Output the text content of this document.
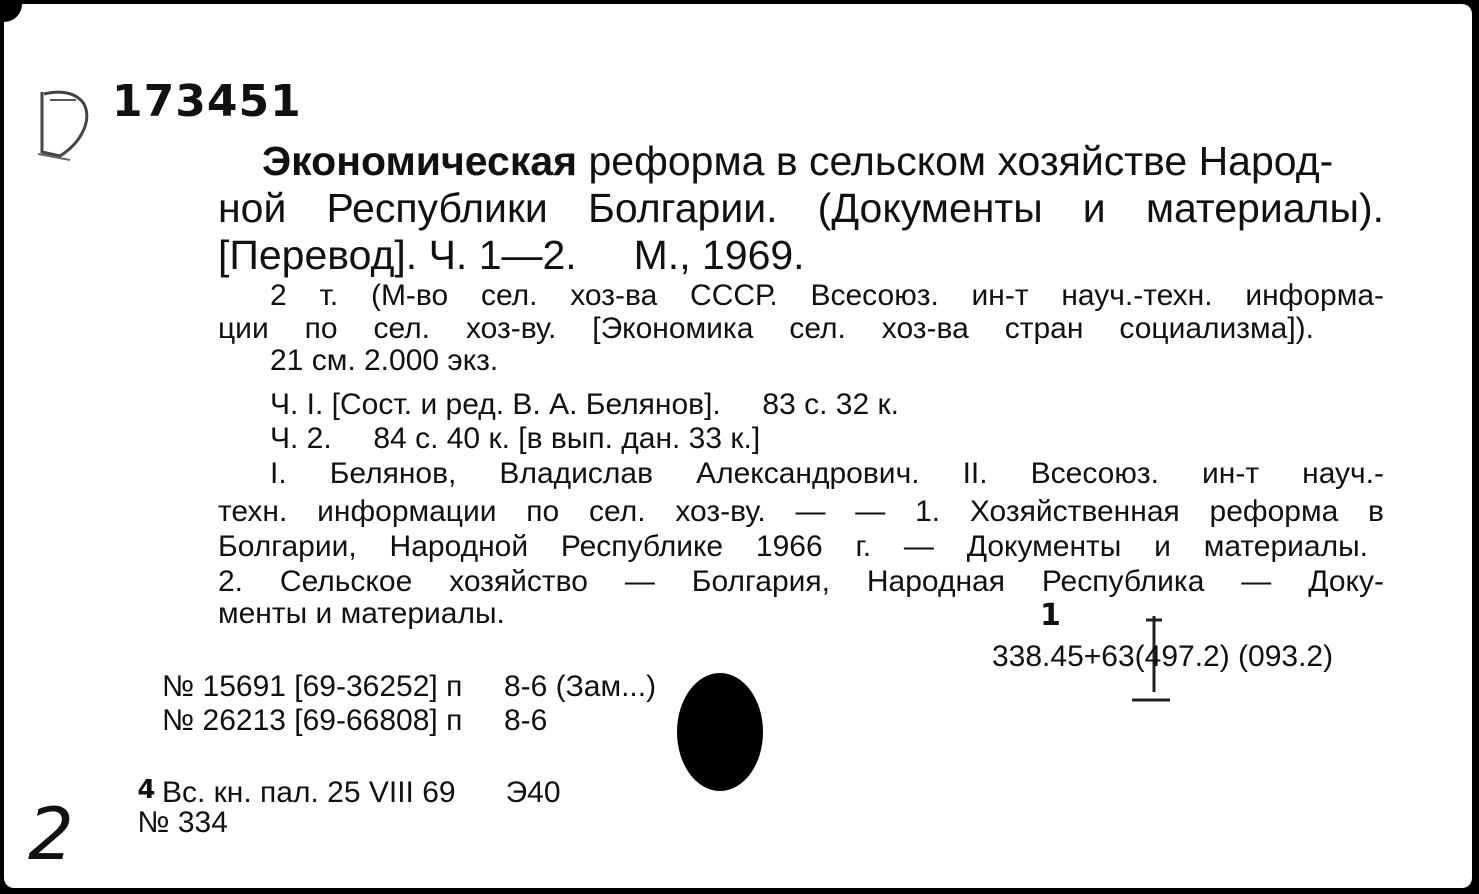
173451
Экономическая реформа в сельском хозяйстве Народ-
ной Республики Болгарии. (Документы и материалы).
[Перевод]. Ч. 1—2.     М., 1969.
2 т. (М-во сел. хоз-ва СССР. Всесоюз. ин-т науч.-техн. информа-
ции по сел. хоз-ву. [Экономика сел. хоз-ва стран социализма]).
21 см. 2.000 экз.
Ч. I. [Сост. и ред. В. А. Белянов].     83 с. 32 к.
Ч. 2.     84 с. 40 к. [в вып. дан. 33 к.]
I. Белянов, Владислав Александрович. II. Всесоюз. ин-т науч.-
техн. информации по сел. хоз-ву. — — 1. Хозяйственная реформа в
Болгарии, Народной Республике 1966 г. — Документы и материалы.
2. Сельское хозяйство — Болгария, Народная Республика — Доку-
менты и материалы.	1
338.45+63(497.2) (093.2)
№ 15691 [69-36252] п     8-6 (Зам...)
№ 26213 [69-66808] п     8-6

4
№ 334

Вс. кн. пал. 25 VIII 69      Э40
2
